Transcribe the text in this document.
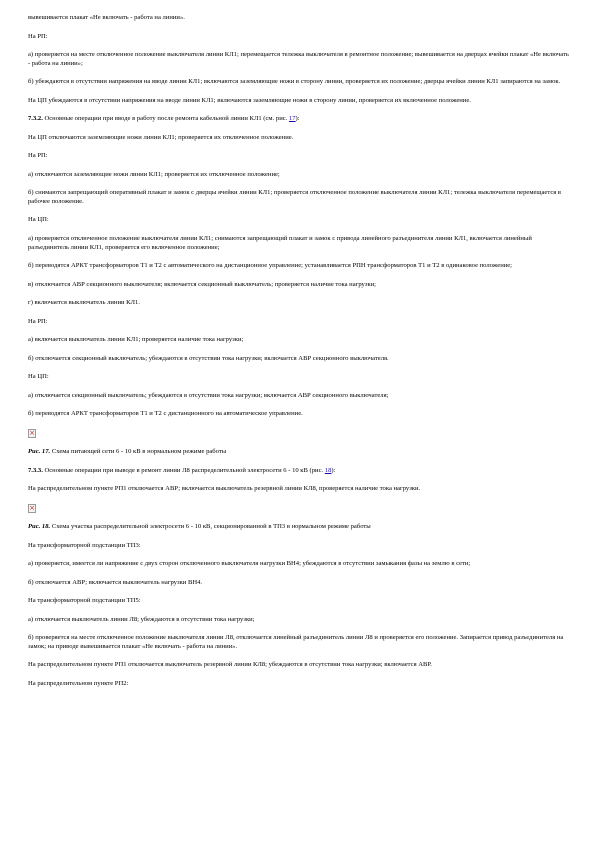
вывешивается плакат «Не включать - работа на линии».

На РП:

а) проверяется на месте отключенное положение выключателя линии КЛ1; перемещается тележка выключателя в ремонтное положение; вывешивается на дверцах ячейки плакат «Не включать - работа на линии»;

б) убеждаются в отсутствии напряжения на вводе линии КЛ1; включаются заземляющие ножи в сторону линии, проверяется их положение; дверцы ячейки линии КЛ1 запираются на замок.

На ЦП убеждаются в отсутствии напряжения на вводе линии КЛ1; включаются заземляющие ножи в сторону линии, проверяется их включенное положение.

7.3.2. Основные операции при вводе в работу после ремонта кабельной линии КЛ1 (см. рис. 17):

На ЦП отключаются заземляющие ножи линии КЛ1; проверяется их отключенное положение.

На РП:

а) отключаются заземляющие ножи линии КЛ1; проверяется их отключенное положение;

б) снимаются запрещающий оперативный плакат и замок с дверцы ячейки линии КЛ1; проверяется отключенное положение выключателя линии КЛ1; тележка выключателя перемещается в рабочее положение.

На ЦП:

а) проверяется отключенное положение выключателя линии КЛ1; снимаются запрещающий плакат и замок с привода линейного разъединителя линии КЛ1, включается линейный разъединитель линии КЛ1, проверяется его включенное положение;

б) переводятся АРКТ трансформаторов Т1 и Т2 с автоматического на дистанционное управление; устанавливается РПН трансформаторов Т1 и Т2 в одинаковое положение;

в) отключается АВР секционного выключателя; включается секционный выключатель; проверяется наличие тока нагрузки;

г) включается выключатель линии КЛ1.

На РП:

а) включается выключатель линии КЛ1; проверяется наличие тока нагрузки;

б) отключается секционный выключатель; убеждаются в отсутствии тока нагрузки; включается АВР секционного выключателя.

На ЦП:

а) отключается секционный выключатель; убеждаются в отсутствии тока нагрузки; включается АВР секционного выключателя;

б) переводятся АРКТ трансформаторов Т1 и Т2 с дистанционного на автоматическое управление.

×

Рис. 17. Схема питающей сети 6 - 10 кВ в нормальном режиме работы

7.3.3. Основные операции при выводе в ремонт линии Л8 распределительной электросети 6 - 10 кВ (рис. 18):

На распределительном пункте РП1 отключается АВР; включается выключатель резервной линии КЛ8, проверяется наличие тока нагрузки.

×

Рис. 18. Схема участка распределительной электросети 6 - 10 кВ, секционированной в ТП3 в нормальном режиме работы

На трансформаторной подстанции ТП3:

а) проверяется, имеется ли напряжение с двух сторон отключенного выключателя нагрузки ВН4; убеждаются в отсутствии замыкания фазы на землю в сети;

б) отключается АВР; включается выключатель нагрузки ВН4.

На трансформаторной подстанции ТП5:

а) отключается выключатель линии Л8; убеждаются в отсутствии тока нагрузки;

б) проверяется на месте отключенное положение выключателя линии Л8, отключается линейный разъединитель линии Л8 и проверяется его положение. Запирается привод разъединителя на замок; на приводе вывешивается плакат «Не включать - работа на линии».

На распределительном пункте РП1 отключается выключатель резервной линии КЛ8; убеждаются в отсутствии тока нагрузки; включается АВР.

На распределительном пункте РП2:
